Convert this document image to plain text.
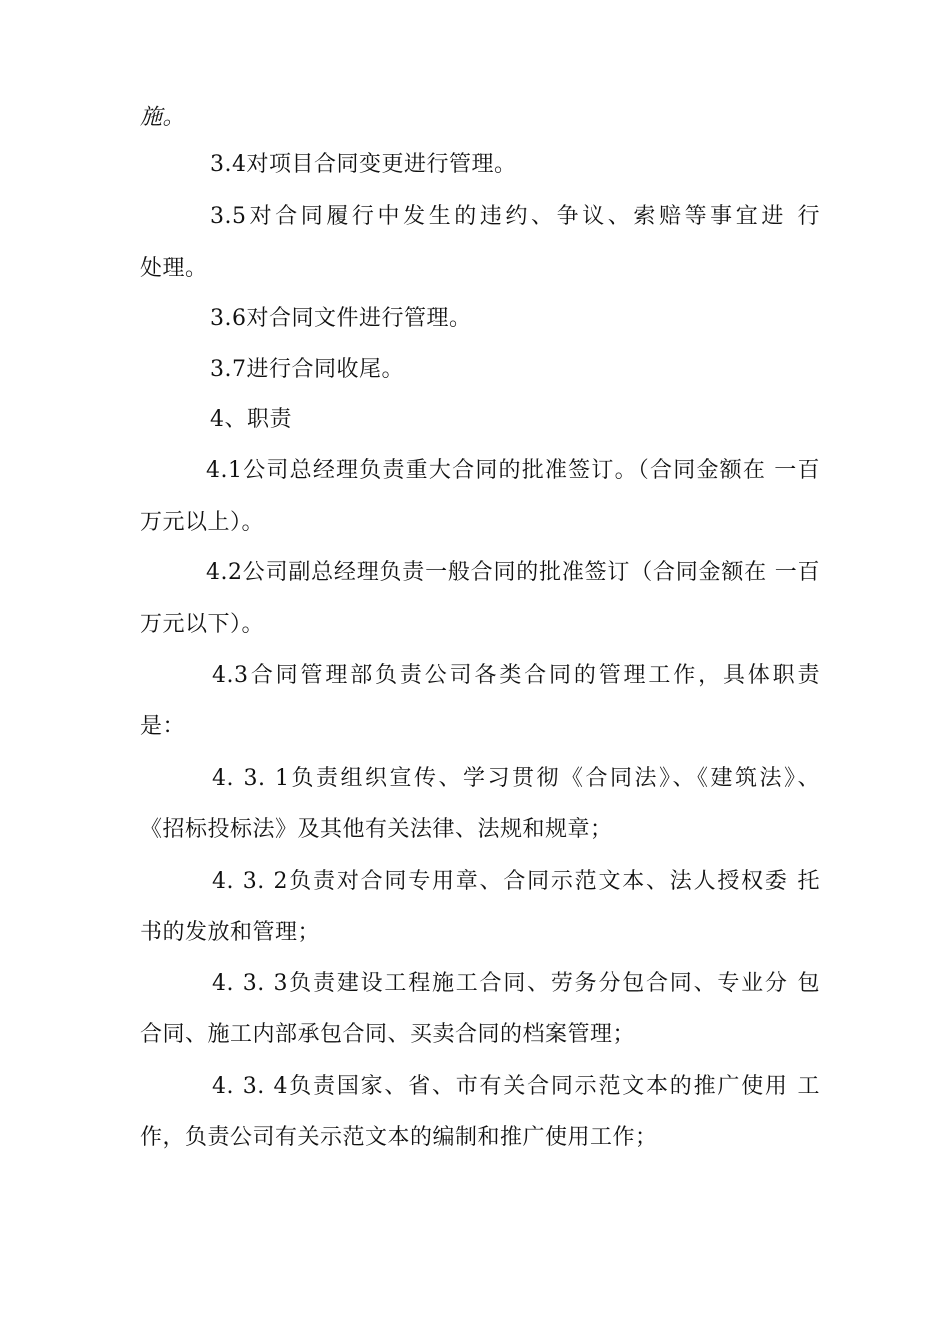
施。
3.4对项目合同变更进行管理。
3.5对合同履行中发生的违约、争议、索赔等事宜进 行
处理。
3.6对合同文件进行管理。
3.7进行合同收尾。
4、职责
4.1公司总经理负责重大合同的批准签订。（合同金额在 一百
万元以上）。
4.2公司副总经理负责一般合同的批准签订（合同金额在 一百
万元以下）。
4.3合同管理部负责公司各类合同的管理工作，具体职责
是：
4. 3. 1负责组织宣传、学习贯彻《合同法》、《建筑法》、
《招标投标法》及其他有关法律、法规和规章；
4. 3. 2负责对合同专用章、合同示范文本、法人授权委 托
书的发放和管理；
4. 3. 3负责建设工程施工合同、劳务分包合同、专业分 包
合同、施工内部承包合同、买卖合同的档案管理；
4. 3. 4负责国家、省、市有关合同示范文本的推广使用 工
作，负责公司有关示范文本的编制和推广使用工作；
